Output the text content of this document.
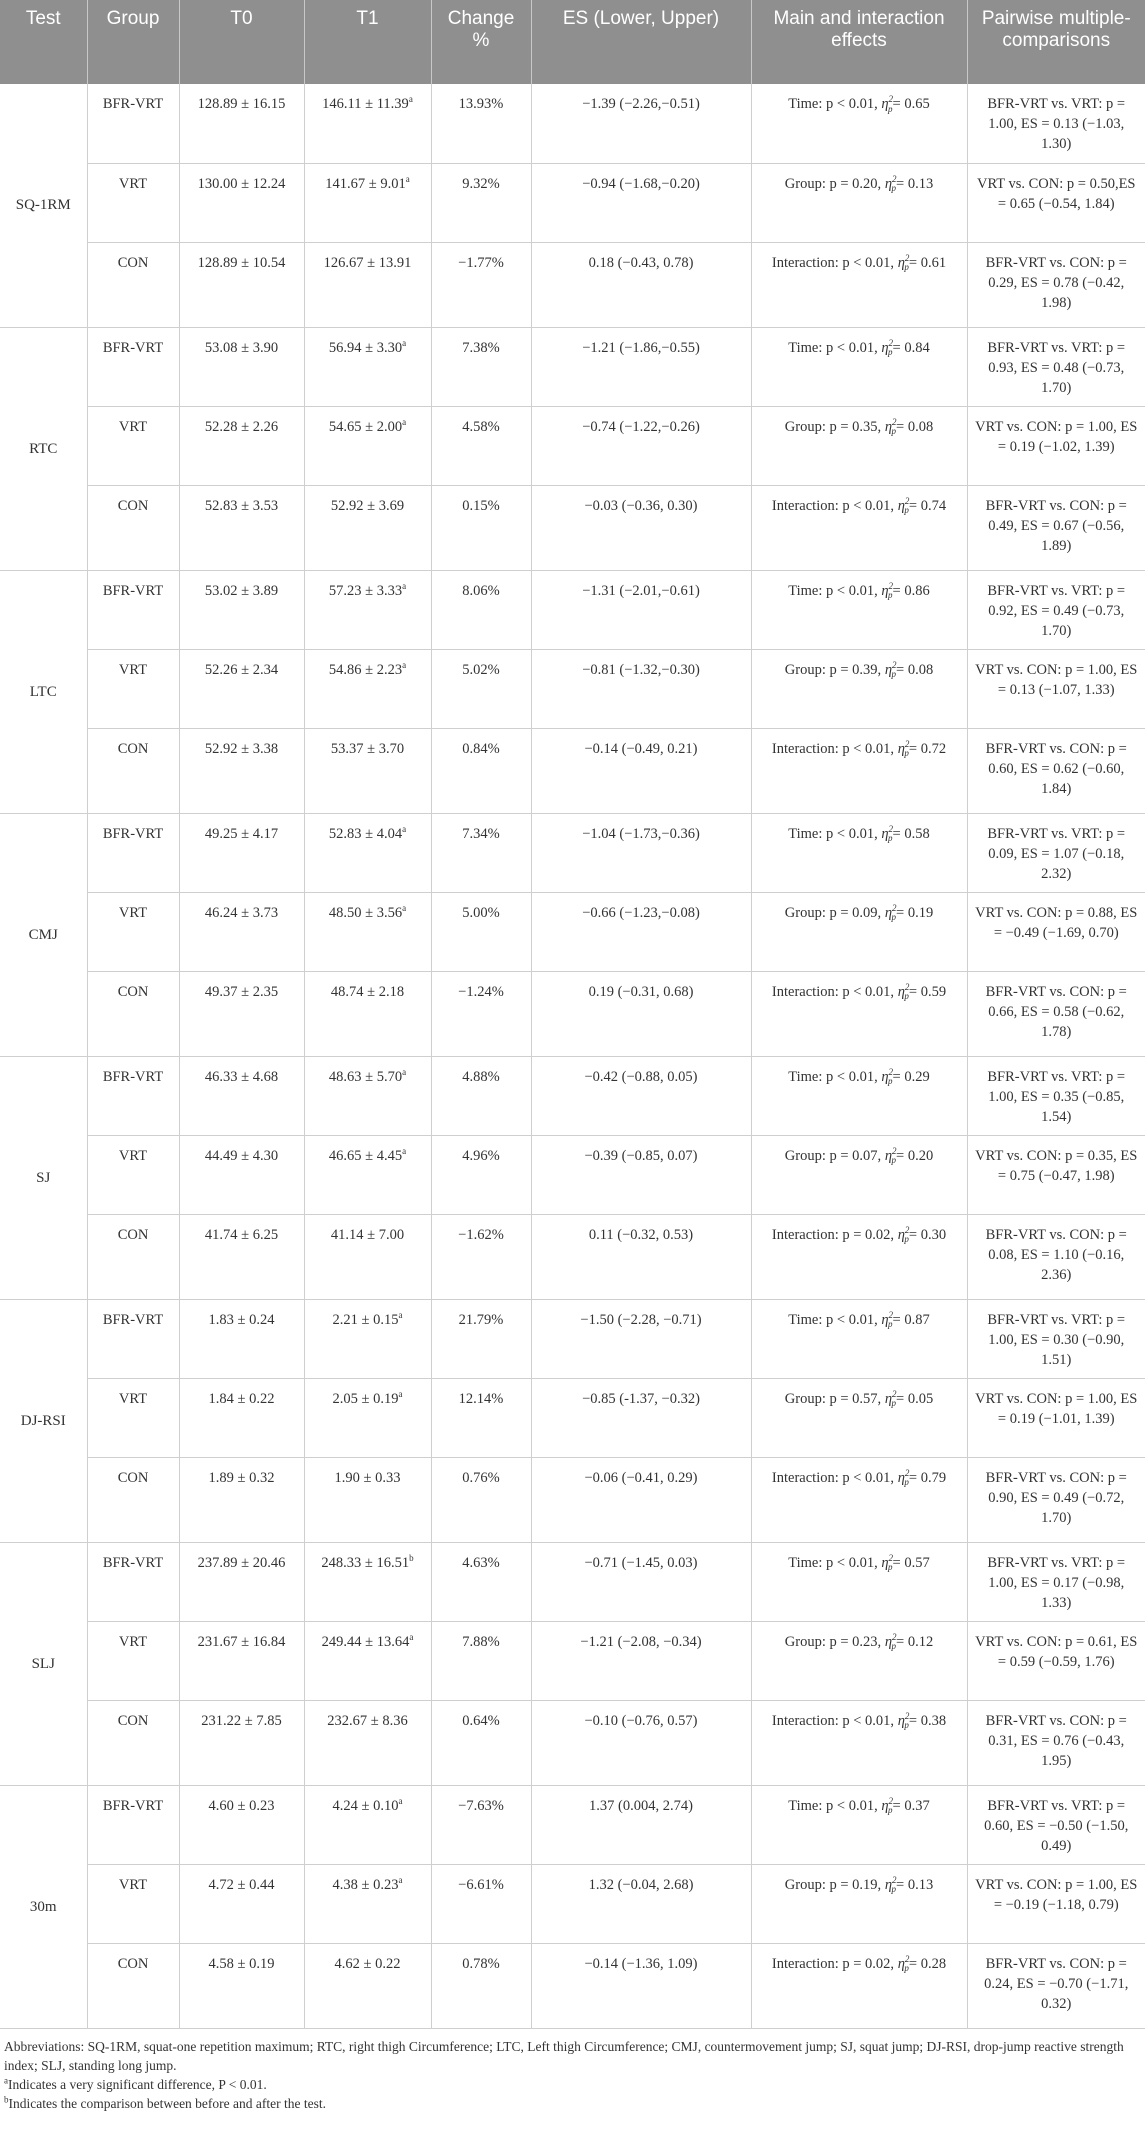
Test	Group	T0	T1	Change %	ES (Lower, Upper)	Main and interaction effects	Pairwise multiple-comparisons
SQ-1RM	BFR-VRT	128.89 ± 16.15	146.11 ± 11.39$^a$	13.93%	−1.39 (−2.26,−0.51)	Time: p < 0.01, $\eta^2_p= 0.65$	BFR-VRT vs. VRT: p = 1.00, ES = 0.13 (−1.03, 1.30)
	VRT	130.00 ± 12.24	141.67 ± 9.01$^a$	9.32%	−0.94 (−1.68,−0.20)	Group: p = 0.20, $\eta^2_p= 0.13$	VRT vs. CON: p = 0.50,ES = 0.65 (−0.54, 1.84)
	CON	128.89 ± 10.54	126.67 ± 13.91	−1.77%	0.18 (−0.43, 0.78)	Interaction: p < 0.01, $\eta^2_p= 0.61$	BFR-VRT vs. CON: p = 0.29, ES = 0.78 (−0.42, 1.98)
RTC	BFR-VRT	53.08 ± 3.90	56.94 ± 3.30$^a$	7.38%	−1.21 (−1.86,−0.55)	Time: p < 0.01, $\eta^2_p= 0.84$	BFR-VRT vs. VRT: p = 0.93, ES = 0.48 (−0.73, 1.70)
	VRT	52.28 ± 2.26	54.65 ± 2.00$^a$	4.58%	−0.74 (−1.22,−0.26)	Group: p = 0.35, $\eta^2_p= 0.08$	VRT vs. CON: p = 1.00, ES = 0.19 (−1.02, 1.39)
	CON	52.83 ± 3.53	52.92 ± 3.69	0.15%	−0.03 (−0.36, 0.30)	Interaction: p < 0.01, $\eta^2_p= 0.74$	BFR-VRT vs. CON: p = 0.49, ES = 0.67 (−0.56, 1.89)
LTC	BFR-VRT	53.02 ± 3.89	57.23 ± 3.33$^a$	8.06%	−1.31 (−2.01,−0.61)	Time: p < 0.01, $\eta^2_p= 0.86$	BFR-VRT vs. VRT: p = 0.92, ES = 0.49 (−0.73, 1.70)
	VRT	52.26 ± 2.34	54.86 ± 2.23$^a$	5.02%	−0.81 (−1.32,−0.30)	Group: p = 0.39, $\eta^2_p= 0.08$	VRT vs. CON: p = 1.00, ES = 0.13 (−1.07, 1.33)
	CON	52.92 ± 3.38	53.37 ± 3.70	0.84%	−0.14 (−0.49, 0.21)	Interaction: p < 0.01, $\eta^2_p= 0.72$	BFR-VRT vs. CON: p = 0.60, ES = 0.62 (−0.60, 1.84)
CMJ	BFR-VRT	49.25 ± 4.17	52.83 ± 4.04$^a$	7.34%	−1.04 (−1.73,−0.36)	Time: p < 0.01, $\eta^2_p= 0.58$	BFR-VRT vs. VRT: p = 0.09, ES = 1.07 (−0.18, 2.32)
	VRT	46.24 ± 3.73	48.50 ± 3.56$^a$	5.00%	−0.66 (−1.23,−0.08)	Group: p = 0.09, $\eta^2_p= 0.19$	VRT vs. CON: p = 0.88, ES = −0.49 (−1.69, 0.70)
	CON	49.37 ± 2.35	48.74 ± 2.18	−1.24%	0.19 (−0.31, 0.68)	Interaction: p < 0.01, $\eta^2_p= 0.59$	BFR-VRT vs. CON: p = 0.66, ES = 0.58 (−0.62, 1.78)
SJ	BFR-VRT	46.33 ± 4.68	48.63 ± 5.70$^a$	4.88%	−0.42 (−0.88, 0.05)	Time: p < 0.01, $\eta^2_p= 0.29$	BFR-VRT vs. VRT: p = 1.00, ES = 0.35 (−0.85, 1.54)
	VRT	44.49 ± 4.30	46.65 ± 4.45$^a$	4.96%	−0.39 (−0.85, 0.07)	Group: p = 0.07, $\eta^2_p= 0.20$	VRT vs. CON: p = 0.35, ES = 0.75 (−0.47, 1.98)
	CON	41.74 ± 6.25	41.14 ± 7.00	−1.62%	0.11 (−0.32, 0.53)	Interaction: p = 0.02, $\eta^2_p= 0.30$	BFR-VRT vs. CON: p = 0.08, ES = 1.10 (−0.16, 2.36)
DJ-RSI	BFR-VRT	1.83 ± 0.24	2.21 ± 0.15$^a$	21.79%	−1.50 (−2.28, −0.71)	Time: p < 0.01, $\eta^2_p= 0.87$	BFR-VRT vs. VRT: p = 1.00, ES = 0.30 (−0.90, 1.51)
	VRT	1.84 ± 0.22	2.05 ± 0.19$^a$	12.14%	−0.85 (-1.37, −0.32)	Group: p = 0.57, $\eta^2_p= 0.05$	VRT vs. CON: p = 1.00, ES = 0.19 (−1.01, 1.39)
	CON	1.89 ± 0.32	1.90 ± 0.33	0.76%	−0.06 (−0.41, 0.29)	Interaction: p < 0.01, $\eta^2_p= 0.79$	BFR-VRT vs. CON: p = 0.90, ES = 0.49 (−0.72, 1.70)
SLJ	BFR-VRT	237.89 ± 20.46	248.33 ± 16.51$^b$	4.63%	−0.71 (−1.45, 0.03)	Time: p < 0.01, $\eta^2_p= 0.57$	BFR-VRT vs. VRT: p = 1.00, ES = 0.17 (−0.98, 1.33)
	VRT	231.67 ± 16.84	249.44 ± 13.64$^a$	7.88%	−1.21 (−2.08, −0.34)	Group: p = 0.23, $\eta^2_p= 0.12$	VRT vs. CON: p = 0.61, ES = 0.59 (−0.59, 1.76)
	CON	231.22 ± 7.85	232.67 ± 8.36	0.64%	−0.10 (−0.76, 0.57)	Interaction: p < 0.01, $\eta^2_p= 0.38$	BFR-VRT vs. CON: p = 0.31, ES = 0.76 (−0.43, 1.95)
30m	BFR-VRT	4.60 ± 0.23	4.24 ± 0.10$^a$	−7.63%	1.37 (0.004, 2.74)	Time: p < 0.01, $\eta^2_p= 0.37$	BFR-VRT vs. VRT: p = 0.60, ES = −0.50 (−1.50, 0.49)
	VRT	4.72 ± 0.44	4.38 ± 0.23$^a$	−6.61%	1.32 (−0.04, 2.68)	Group: p = 0.19, $\eta^2_p= 0.13$	VRT vs. CON: p = 1.00, ES = −0.19 (−1.18, 0.79)
	CON	4.58 ± 0.19	4.62 ± 0.22	0.78%	−0.14 (−1.36, 1.09)	Interaction: p = 0.02, $\eta^2_p= 0.28$	BFR-VRT vs. CON: p = 0.24, ES = −0.70 (−1.71, 0.32)

Abbreviations: SQ-1RM, squat-one repetition maximum; RTC, right thigh Circumference; LTC, Left thigh Circumference; CMJ, countermovement jump; SJ, squat jump; DJ-RSI, drop-jump reactive strength index; SLJ, standing long jump.

$^a$Indicates a very significant difference, P < 0.01.

$^b$Indicates the comparison between before and after the test.
